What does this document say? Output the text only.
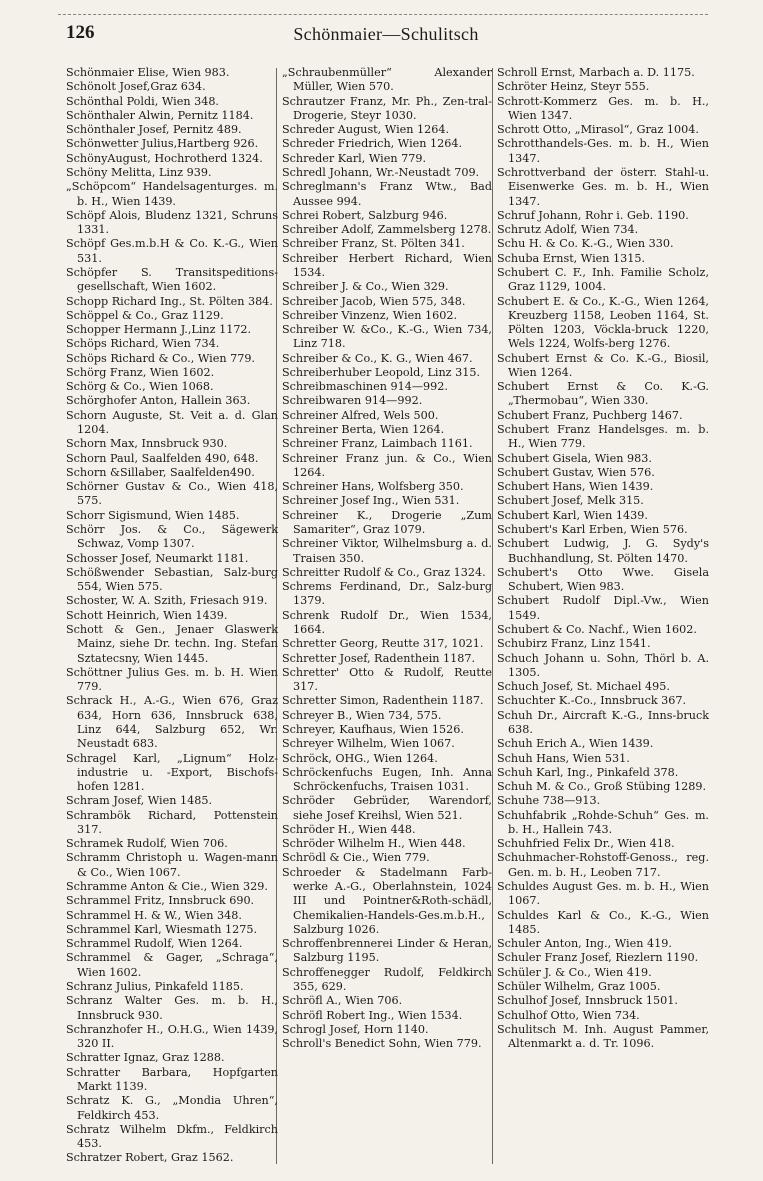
126	Schönmaier—Schulitsch

Schönmaier Elise, Wien 983.

Schönolt Josef,Graz 634.

Schönthal Poldi, Wien 348.

Schönthaler Alwin, Pernitz 1184.

Schönthaler Josef, Pernitz 489.

Schönwetter Julius,Hartberg 926.

SchönyAugust, Hochrotherd 1324.

Schöny Melitta, Linz 939.

„Schöpcom“ Handelsagenturges. m. b. H., Wien 1439.

Schöpf Alois, Bludenz 1321, Schruns 1331.

Schöpf Ges.m.b.H & Co. K.-G., Wien 531.

Schöpfer S. Transitspeditions-gesellschaft, Wien 1602.

Schopp Richard Ing., St. Pölten 384.

Schöppel & Co., Graz 1129.

Schopper Hermann J.,Linz 1172.

Schöps Richard, Wien 734.

Schöps Richard & Co., Wien 779.

Schörg Franz, Wien 1602.

Schörg & Co., Wien 1068.

Schörghofer Anton, Hallein 363.

Schorn Auguste, St. Veit a. d. Glan 1204.

Schorn Max, Innsbruck 930.

Schorn Paul, Saalfelden 490, 648.

Schorn &Sillaber, Saalfelden490.

Schörner Gustav & Co., Wien 418, 575.

Schorr Sigismund, Wien 1485.

Schörr Jos. & Co., Sägewerk Schwaz, Vomp 1307.

Schosser Josef, Neumarkt 1181.

Schößwender Sebastian, Salz-burg 554, Wien 575.

Schoster, W. A. Szith, Friesach 919.

Schott Heinrich, Wien 1439.

Schott & Gen., Jenaer Glaswerk Mainz, siehe Dr. techn. Ing. Stefan Sztatecsny, Wien 1445.

Schöttner Julius Ges. m. b. H. Wien 779.

Schrack H., A.-G., Wien 676, Graz 634, Horn 636, Innsbruck 638, Linz 644, Salzburg 652, Wr. Neustadt 683.

Schragel Karl, „Lignum“ Holz-industrie u. -Export, Bischofs-hofen 1281.

Schram Josef, Wien 1485.

Schrambök Richard, Pottenstein 317.

Schramek Rudolf, Wien 706.

Schramm Christoph u. Wagen-mann & Co., Wien 1067.

Schramme Anton & Cie., Wien 329.

Schrammel Fritz, Innsbruck 690.

Schrammel H. & W., Wien 348.

Schrammel Karl, Wiesmath 1275.

Schrammel Rudolf, Wien 1264.

Schrammel & Gager, „Schraga“, Wien 1602.

Schranz Julius, Pinkafeld 1185.

Schranz Walter Ges. m. b. H., Innsbruck 930.

Schranzhofer H., O.H.G., Wien 1439, 320 II.

Schratter Ignaz, Graz 1288.

Schratter Barbara, Hopfgarten Markt 1139.

Schratz K. G., „Mondia Uhren“, Feldkirch 453.

Schratz Wilhelm Dkfm., Feldkirch 453.

Schratzer Robert, Graz 1562.

„Schraubenmüller“ Alexander Müller, Wien 570.

Schrautzer Franz, Mr. Ph., Zen-tral-Drogerie, Steyr 1030.

Schreder August, Wien 1264.

Schreder Friedrich, Wien 1264.

Schreder Karl, Wien 779.

Schredl Johann, Wr.-Neustadt 709.

Schreglmann's Franz Wtw., Bad Aussee 994.

Schrei Robert, Salzburg 946.

Schreiber Adolf, Zammelsberg 1278.

Schreiber Franz, St. Pölten 341.

Schreiber Herbert Richard, Wien 1534.

Schreiber J. & Co., Wien 329.

Schreiber Jacob, Wien 575, 348.

Schreiber Vinzenz, Wien 1602.

Schreiber W. &Co., K.-G., Wien 734, Linz 718.

Schreiber & Co., K. G., Wien 467.

Schreiberhuber Leopold, Linz 315.

Schreibmaschinen 914—992.

Schreibwaren 914—992.

Schreiner Alfred, Wels 500.

Schreiner Berta, Wien 1264.

Schreiner Franz, Laimbach 1161.

Schreiner Franz jun. & Co., Wien 1264.

Schreiner Hans, Wolfsberg 350.

Schreiner Josef Ing., Wien 531.

Schreiner K., Drogerie „Zum Samariter“, Graz 1079.

Schreiner Viktor, Wilhelmsburg a. d. Traisen 350.

Schreitter Rudolf & Co., Graz 1324.

Schrems Ferdinand, Dr., Salz-burg 1379.

Schrenk Rudolf Dr., Wien 1534, 1664.

Schretter Georg, Reutte 317, 1021.

Schretter Josef, Radenthein 1187.

Schretter' Otto & Rudolf, Reutte 317.

Schretter Simon, Radenthein 1187.

Schreyer B., Wien 734, 575.

Schreyer, Kaufhaus, Wien 1526.

Schreyer Wilhelm, Wien 1067.

Schröck, OHG., Wien 1264.

Schröckenfuchs Eugen, Inh. Anna Schröckenfuchs, Traisen 1031.

Schröder Gebrüder, Warendorf, siehe Josef Kreihsl, Wien 521.

Schröder H., Wien 448.

Schröder Wilhelm H., Wien 448.

Schrödl & Cie., Wien 779.

Schroeder & Stadelmann Farb-werke A.-G., Oberlahnstein, 1024 III und Pointner&Roth-schädl, Chemikalien-Handels-Ges.m.b.H., Salzburg 1026.

Schroffenbrennerei Linder & Heran, Salzburg 1195.

Schroffenegger Rudolf, Feldkirch 355, 629.

Schröfl A., Wien 706.

Schröfl Robert Ing., Wien 1534.

Schrogl Josef, Horn 1140.

Schroll's Benedict Sohn, Wien 779.

Schroll Ernst, Marbach a. D. 1175.

Schröter Heinz, Steyr 555.

Schrott-Kommerz Ges. m. b. H., Wien 1347.

Schrott Otto, „Mirasol“, Graz 1004.

Schrotthandels-Ges. m. b. H., Wien 1347.

Schrottverband der österr. Stahl-u. Eisenwerke Ges. m. b. H., Wien 1347.

Schruf Johann, Rohr i. Geb. 1190.

Schrutz Adolf, Wien 734.

Schu H. & Co. K.-G., Wien 330.

Schuba Ernst, Wien 1315.

Schubert C. F., Inh. Familie Scholz, Graz 1129, 1004.

Schubert E. & Co., K.-G., Wien 1264, Kreuzberg 1158, Leoben 1164, St. Pölten 1203, Vöckla-bruck 1220, Wels 1224, Wolfs-berg 1276.

Schubert Ernst & Co. K.-G., Biosil, Wien 1264.

Schubert Ernst & Co. K.-G. „Thermobau“, Wien 330.

Schubert Franz, Puchberg 1467.

Schubert Franz Handelsges. m. b. H., Wien 779.

Schubert Gisela, Wien 983.

Schubert Gustav, Wien 576.

Schubert Hans, Wien 1439.

Schubert Josef, Melk 315.

Schubert Karl, Wien 1439.

Schubert's Karl Erben, Wien 576.

Schubert Ludwig, J. G. Sydy's Buchhandlung, St. Pölten 1470.

Schubert's Otto Wwe. Gisela Schubert, Wien 983.

Schubert Rudolf Dipl.-Vw., Wien 1549.

Schubert & Co. Nachf., Wien 1602.

Schubirz Franz, Linz 1541.

Schuch Johann u. Sohn, Thörl b. A. 1305.

Schuch Josef, St. Michael 495.

Schuchter K.-Co., Innsbruck 367.

Schuh Dr., Aircraft K.-G., Inns-bruck 638.

Schuh Erich A., Wien 1439.

Schuh Hans, Wien 531.

Schuh Karl, Ing., Pinkafeld 378.

Schuh M. & Co., Groß Stübing 1289.

Schuhe 738—913.

Schuhfabrik „Rohde-Schuh“ Ges. m. b. H., Hallein 743.

Schuhfried Felix Dr., Wien 418.

Schuhmacher-Rohstoff-Genoss., reg. Gen. m. b. H., Leoben 717.

Schuldes August Ges. m. b. H., Wien 1067.

Schuldes Karl & Co., K.-G., Wien 1485.

Schuler Anton, Ing., Wien 419.

Schuler Franz Josef, Riezlern 1190.

Schüler J. & Co., Wien 419.

Schüler Wilhelm, Graz 1005.

Schulhof Josef, Innsbruck 1501.

Schulhof Otto, Wien 734.

Schulitsch M. Inh. August Pammer, Altenmarkt a. d. Tr. 1096.
